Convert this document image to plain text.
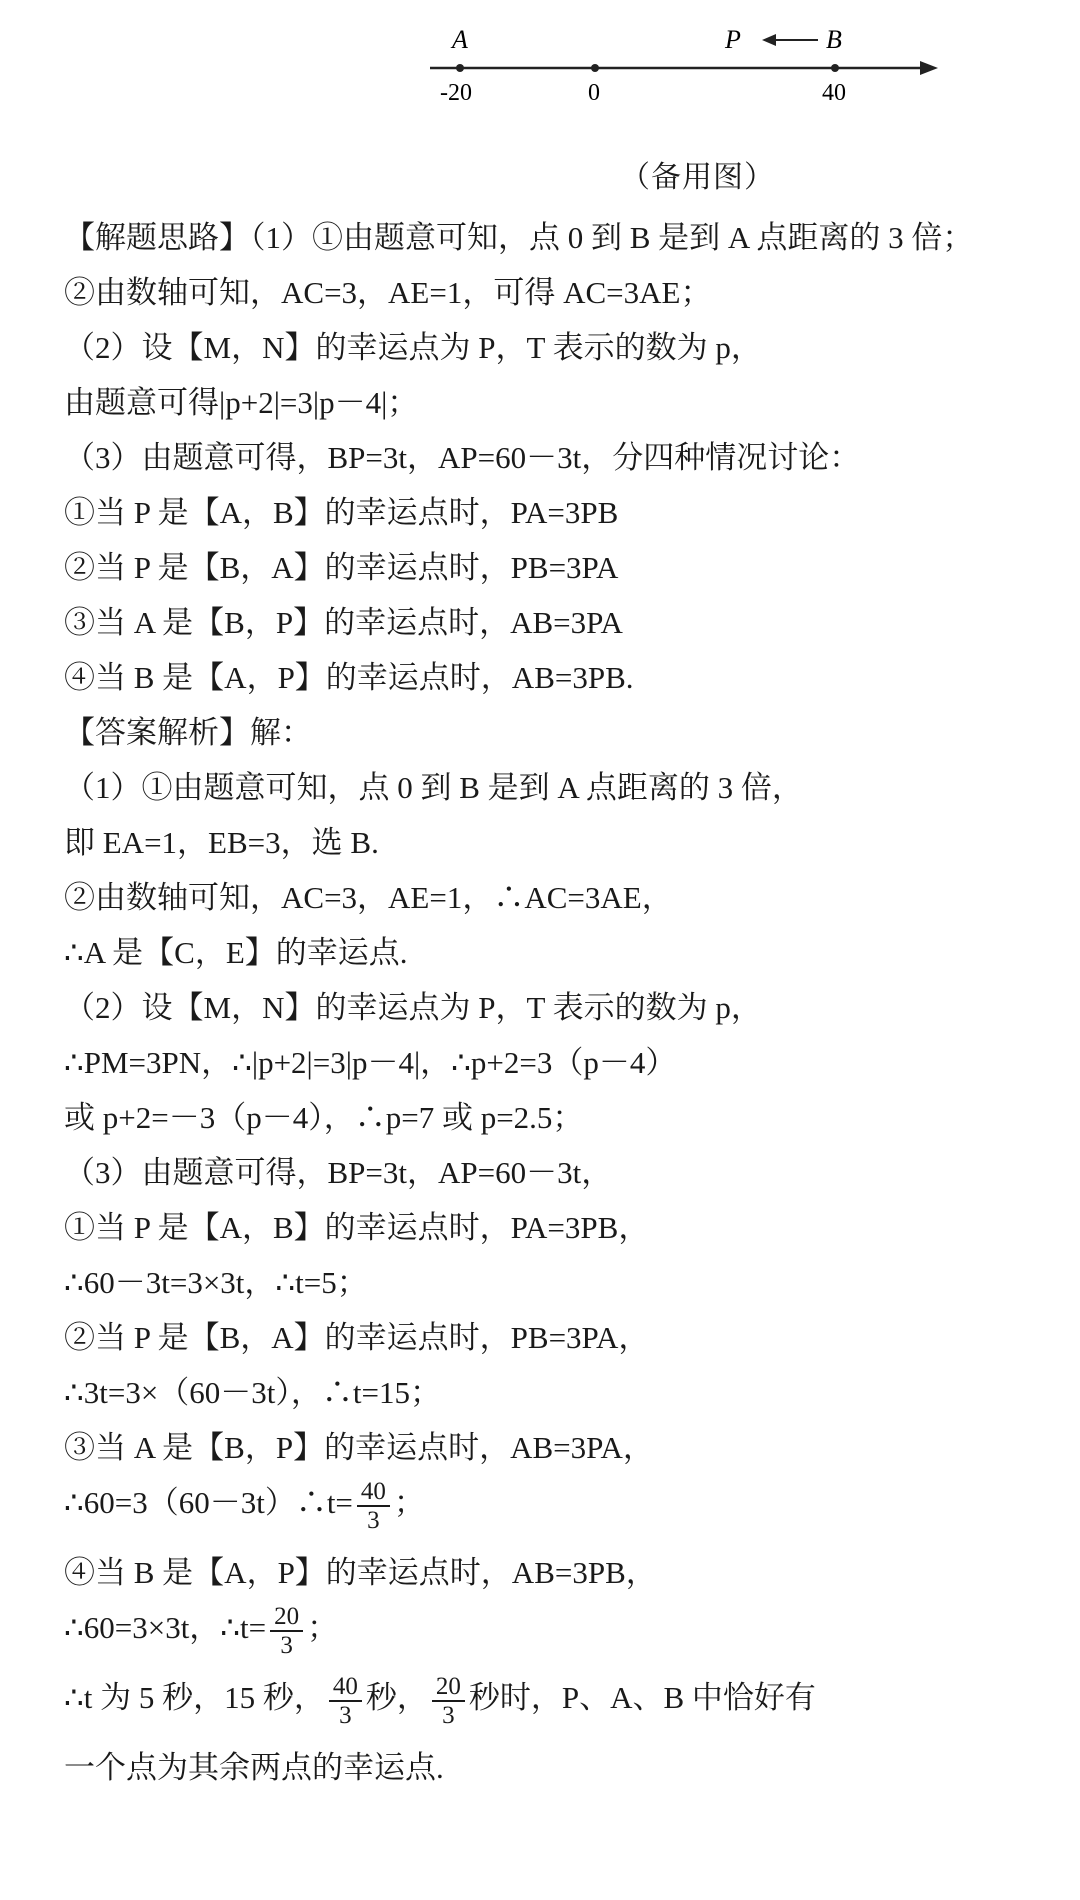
A	B
P
-20	0	40
（备用图）
【解题思路】（1）①由题意可知，点 0 到 B 是到 A 点距离的 3 倍；
②由数轴可知，AC=3，AE=1，可得 AC=3AE；
（2）设【M，N】的幸运点为 P，T 表示的数为 p，
由题意可得|p+2|=3|p－4|；
（3）由题意可得，BP=3t，AP=60－3t，分四种情况讨论：
①当 P 是【A，B】的幸运点时，PA=3PB
②当 P 是【B，A】的幸运点时，PB=3PA
③当 A 是【B，P】的幸运点时，AB=3PA
④当 B 是【A，P】的幸运点时，AB=3PB.
【答案解析】解：
（1）①由题意可知，点 0 到 B 是到 A 点距离的 3 倍，
即 EA=1，EB=3，选 B.
②由数轴可知，AC=3，AE=1，∴AC=3AE，
∴A 是【C，E】的幸运点.
（2）设【M，N】的幸运点为 P，T 表示的数为 p，
∴PM=3PN，∴|p+2|=3|p－4|，∴p+2=3（p－4）
或 p+2=－3（p－4），∴p=7 或 p=2.5；
（3）由题意可得，BP=3t，AP=60－3t，
①当 P 是【A，B】的幸运点时，PA=3PB，
∴60－3t=3×3t，∴t=5；
②当 P 是【B，A】的幸运点时，PB=3PA，
∴3t=3×（60－3t），∴t=15；
③当 A 是【B，P】的幸运点时，AB=3PA，
∴60=3（60－3t）∴t= $\frac{40}{3}$ ；
④当 B 是【A，P】的幸运点时，AB=3PB，
∴60=3×3t，∴t= $\frac{20}{3}$ ；
∴t 为 5 秒，15 秒， $\frac{40}{3}$ 秒， $\frac{20}{3}$ 秒时，P、A、B 中恰好有
一个点为其余两点的幸运点.
